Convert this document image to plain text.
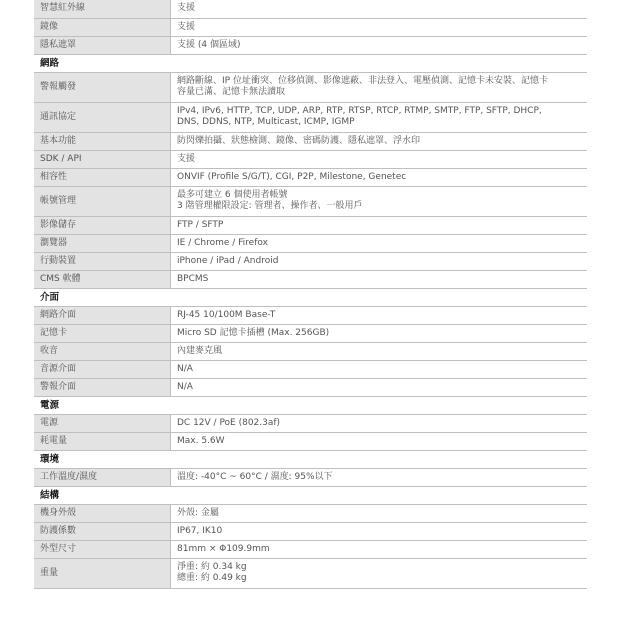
智慧紅外線	支援

鏡像	支援

隱私遮罩	支援 (4 個區域)

網路	
警報觸發	網路斷線、IP 位址衝突、位移偵測、影像遮蔽、非法登入、電壓偵測、記憶卡未安裝、記憶卡
容量已滿、記憶卡無法讀取

通訊協定	IPv4, IPv6, HTTP, TCP, UDP, ARP, RTP, RTSP, RTCP, RTMP, SMTP, FTP, SFTP, DHCP,
DNS, DDNS, NTP, Multicast, ICMP, IGMP

基本功能	防閃爍拍攝、狀態檢測、鏡像、密碼防護、隱私遮罩、浮水印

SDK / API	支援

相容性	ONVIF (Profile S/G/T), CGI, P2P, Milestone, Genetec

帳號管理	最多可建立 6 個使用者帳號
3 階管理權限設定: 管理者、操作者、一般用戶

影像儲存	FTP / SFTP

瀏覽器	IE / Chrome / Firefox

行動裝置	iPhone / iPad / Android

CMS 軟體	BPCMS

介面	
網路介面	RJ-45 10/100M Base-T

記憶卡	Micro SD 記憶卡插槽 (Max. 256GB)

收音	內建麥克風

音源介面	N/A

警報介面	N/A

電源	
電源	DC 12V / PoE (802.3af)

耗電量	Max. 5.6W

環境	
工作溫度/濕度	溫度: -40°C ~ 60°C / 濕度: 95%以下

結構	
機身外殼	外殼: 金屬

防護係數	IP67, IK10

外型尺寸	81mm × Φ109.9mm

重量	淨重: 約 0.34 kg
總重: 約 0.49 kg
